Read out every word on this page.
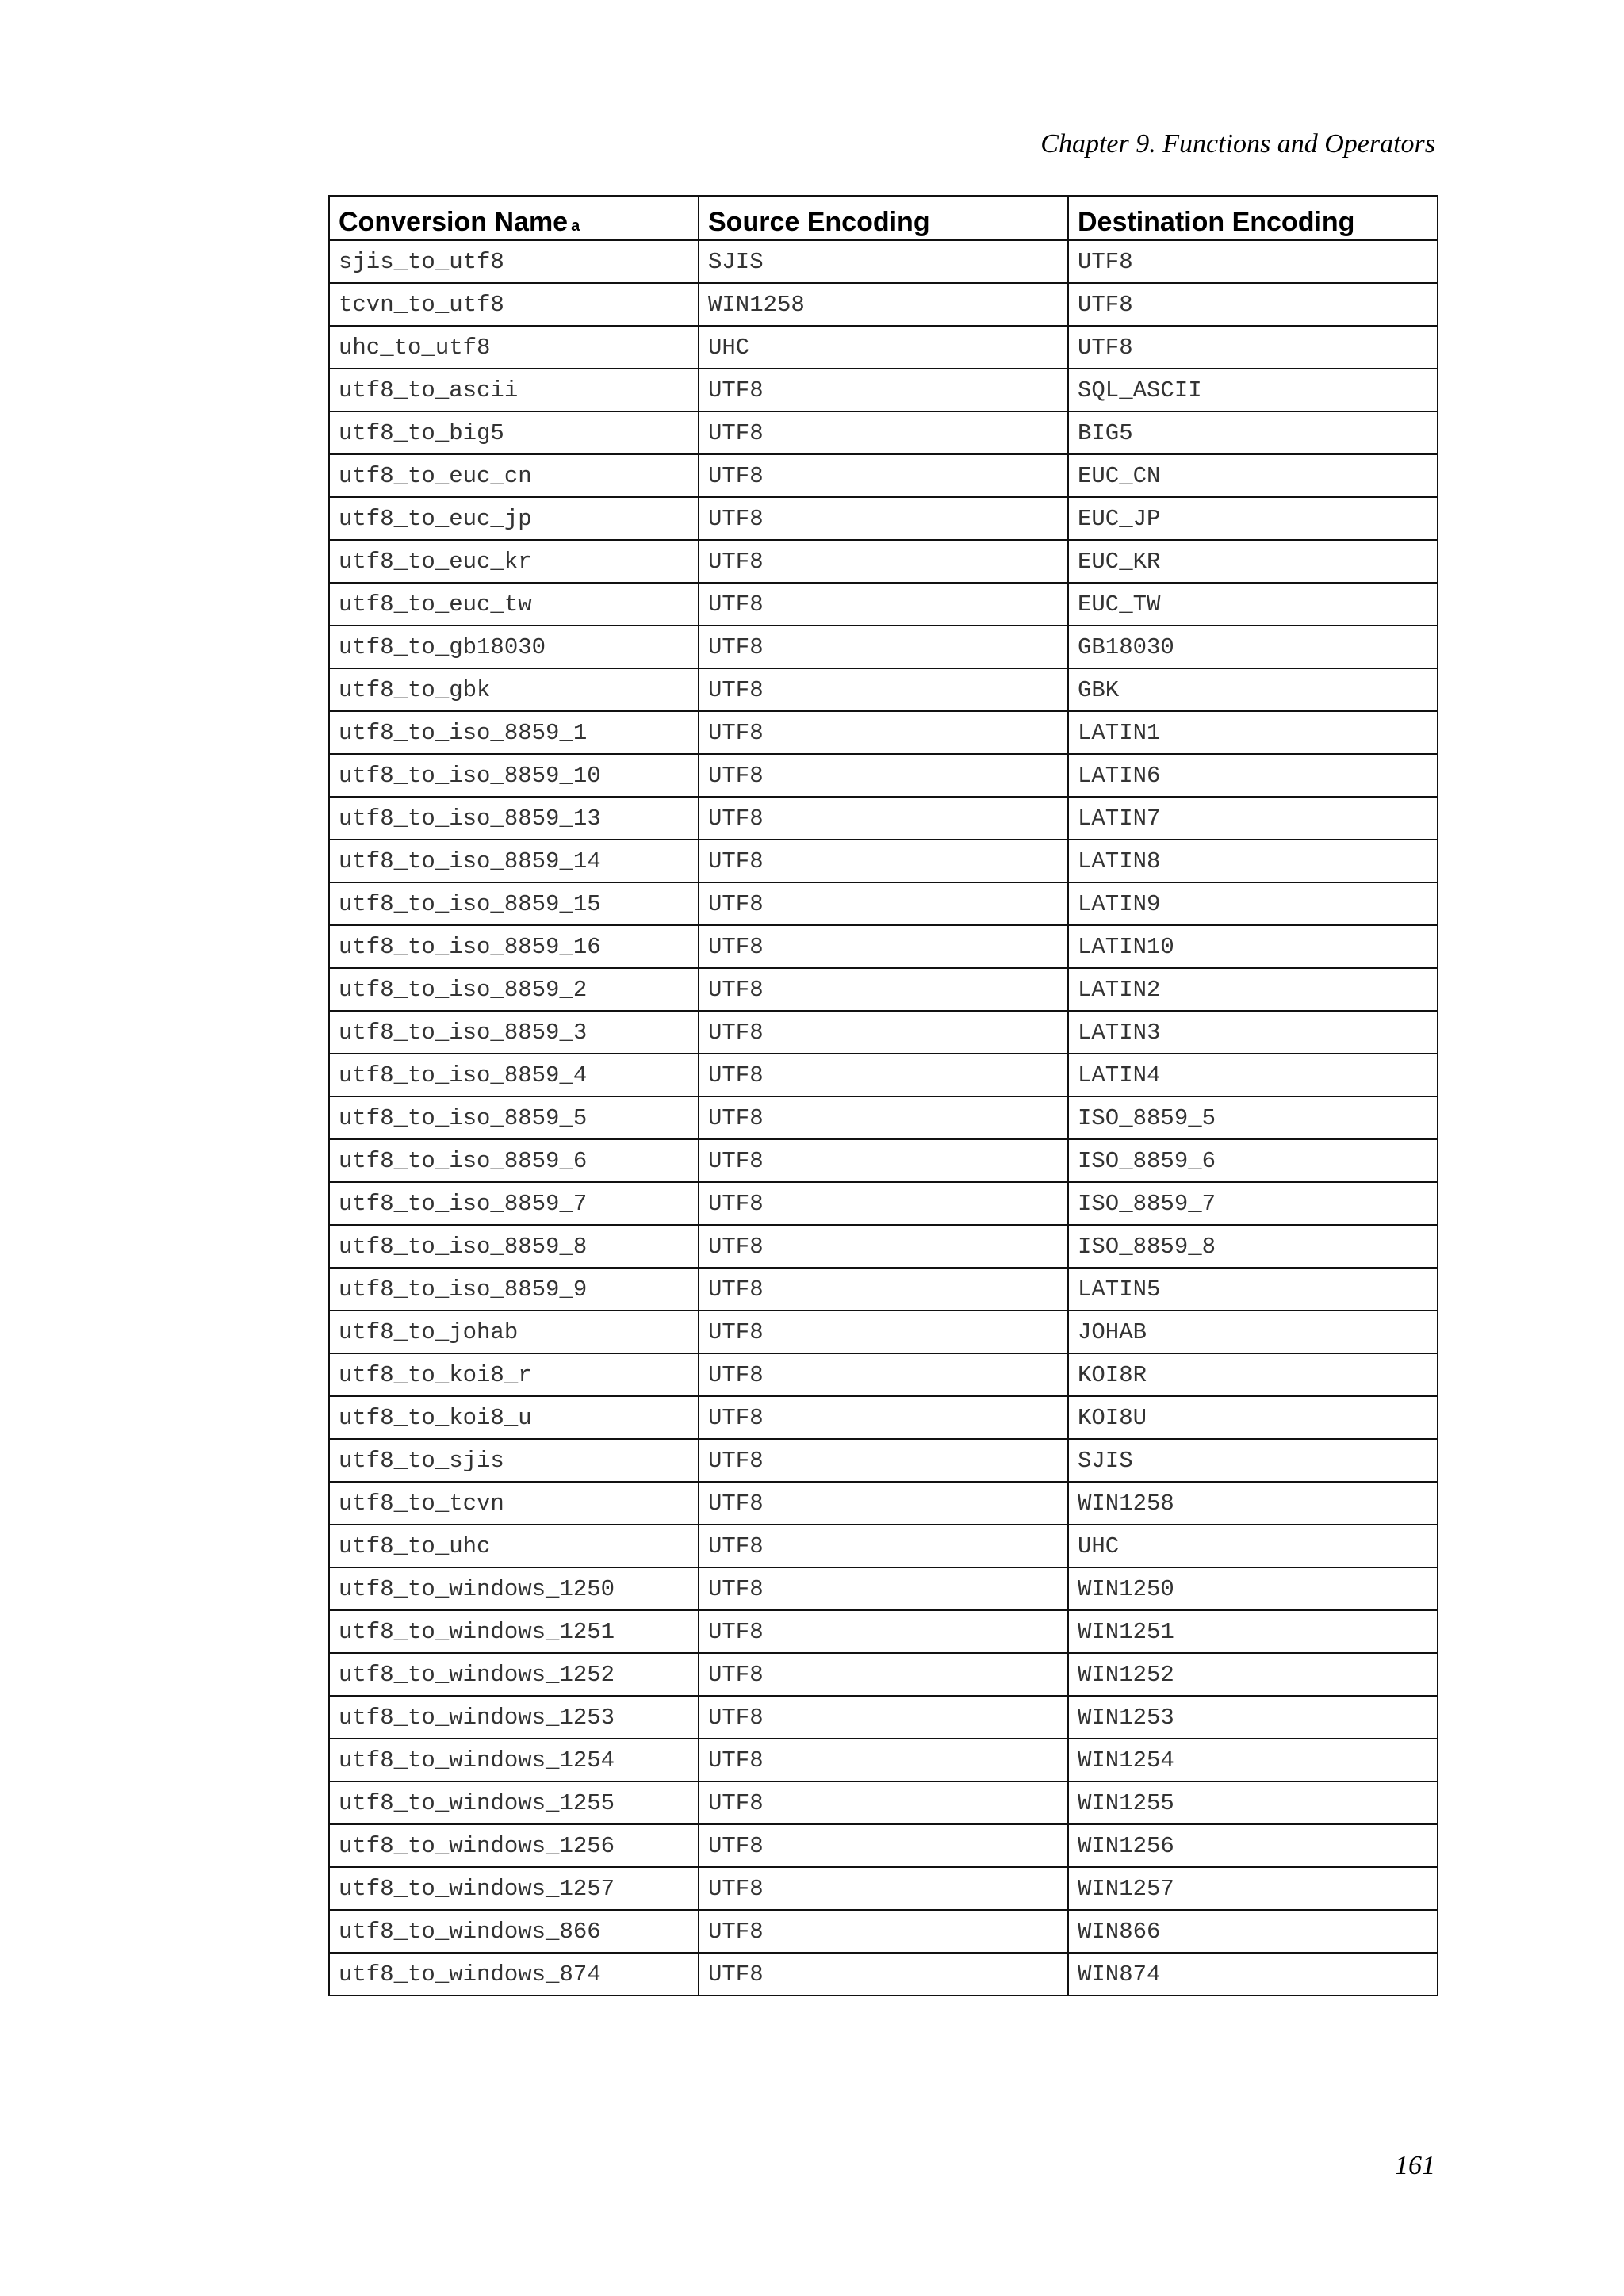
Chapter 9. Functions and Operators
Conversion Name a	Source Encoding	Destination Encoding
sjis_to_utf8	SJIS	UTF8
tcvn_to_utf8	WIN1258	UTF8
uhc_to_utf8	UHC	UTF8
utf8_to_ascii	UTF8	SQL_ASCII
utf8_to_big5	UTF8	BIG5
utf8_to_euc_cn	UTF8	EUC_CN
utf8_to_euc_jp	UTF8	EUC_JP
utf8_to_euc_kr	UTF8	EUC_KR
utf8_to_euc_tw	UTF8	EUC_TW
utf8_to_gb18030	UTF8	GB18030
utf8_to_gbk	UTF8	GBK
utf8_to_iso_8859_1	UTF8	LATIN1
utf8_to_iso_8859_10	UTF8	LATIN6
utf8_to_iso_8859_13	UTF8	LATIN7
utf8_to_iso_8859_14	UTF8	LATIN8
utf8_to_iso_8859_15	UTF8	LATIN9
utf8_to_iso_8859_16	UTF8	LATIN10
utf8_to_iso_8859_2	UTF8	LATIN2
utf8_to_iso_8859_3	UTF8	LATIN3
utf8_to_iso_8859_4	UTF8	LATIN4
utf8_to_iso_8859_5	UTF8	ISO_8859_5
utf8_to_iso_8859_6	UTF8	ISO_8859_6
utf8_to_iso_8859_7	UTF8	ISO_8859_7
utf8_to_iso_8859_8	UTF8	ISO_8859_8
utf8_to_iso_8859_9	UTF8	LATIN5
utf8_to_johab	UTF8	JOHAB
utf8_to_koi8_r	UTF8	KOI8R
utf8_to_koi8_u	UTF8	KOI8U
utf8_to_sjis	UTF8	SJIS
utf8_to_tcvn	UTF8	WIN1258
utf8_to_uhc	UTF8	UHC
utf8_to_windows_1250	UTF8	WIN1250
utf8_to_windows_1251	UTF8	WIN1251
utf8_to_windows_1252	UTF8	WIN1252
utf8_to_windows_1253	UTF8	WIN1253
utf8_to_windows_1254	UTF8	WIN1254
utf8_to_windows_1255	UTF8	WIN1255
utf8_to_windows_1256	UTF8	WIN1256
utf8_to_windows_1257	UTF8	WIN1257
utf8_to_windows_866	UTF8	WIN866
utf8_to_windows_874	UTF8	WIN874
161
